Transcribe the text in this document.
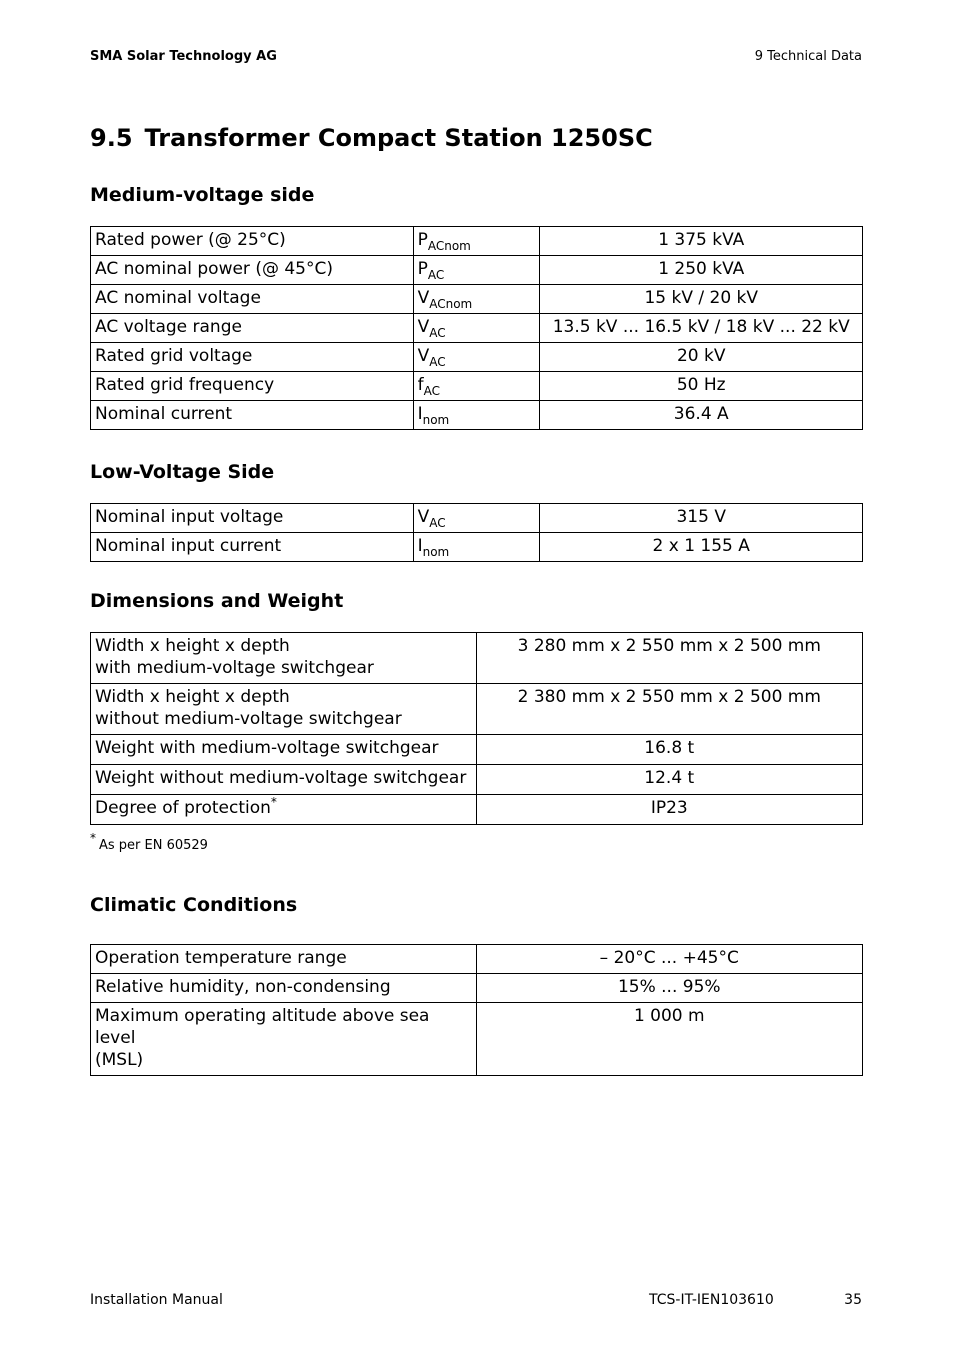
SMA Solar Technology AG	9 Technical Data
9.5 Transformer Compact Station 1250SC
Medium-voltage side
Rated power (@ 25°C)	$P_{ACnom}$	1 375 kVA
AC nominal power (@ 45°C)	$P_{AC}$	1 250 kVA
AC nominal voltage	$V_{ACnom}$	15 kV / 20 kV
AC voltage range	$V_{AC}$	13.5 kV ... 16.5 kV / 18 kV ... 22 kV
Rated grid voltage	$V_{AC}$	20 kV
Rated grid frequency	$f_{AC}$	50 Hz
Nominal current	$I_{nom}$	36.4 A
Low-Voltage Side
Nominal input voltage	$V_{AC}$	315 V
Nominal input current	$I_{nom}$	2 x 1 155 A
Dimensions and Weight
Width x height x depth
with medium-voltage switchgear	3 280 mm x 2 550 mm x 2 500 mm
Width x height x depth
without medium-voltage switchgear	2 380 mm x 2 550 mm x 2 500 mm
Weight with medium-voltage switchgear	16.8 t
Weight without medium-voltage switchgear	12.4 t
Degree of protection*	IP23
* As per EN 60529
Climatic Conditions
Operation temperature range	– 20°C ... +45°C
Relative humidity, non-condensing	15% ... 95%
Maximum operating altitude above sea level
(MSL)	1 000 m
Installation Manual	TCS-IT-IEN103610	35
